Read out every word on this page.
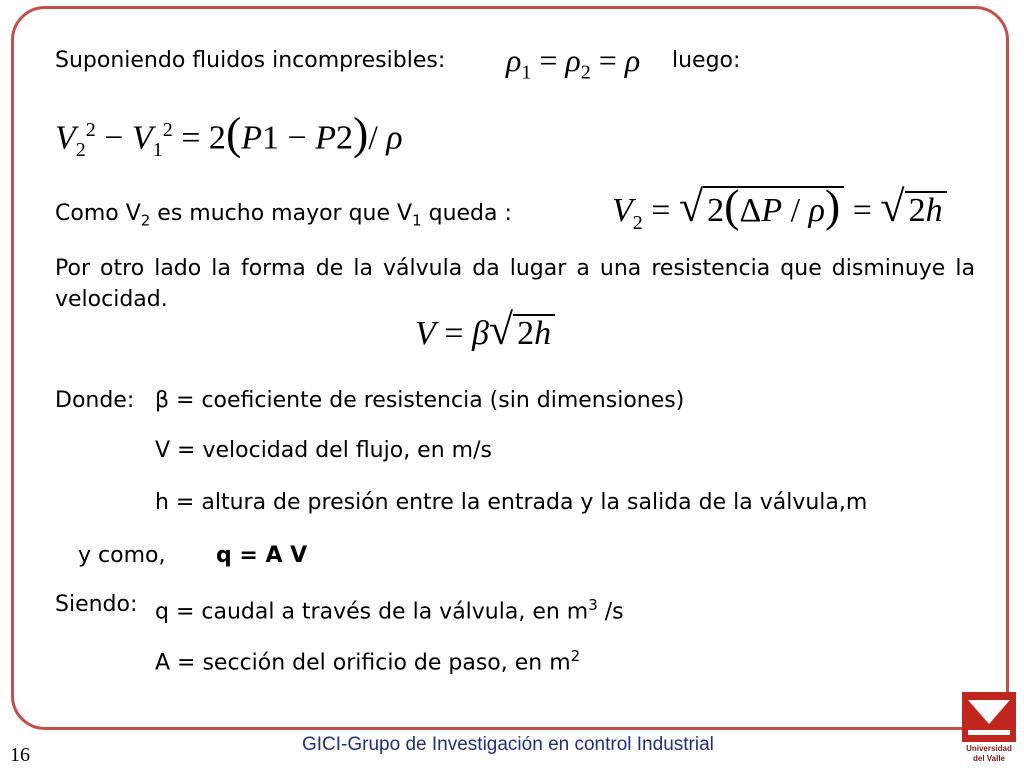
Suponiendo fluidos incompresibles: $\rho_1 = \rho_2 = \rho$ luego:
$V_2^2 - V_1^2 = 2(P1 - P2)/$ ρ
Como $V_2$ es mucho mayor que $V_1$ queda :	$V_2$ = √ 2(ΔP / ρ) = √ 2h
Por otro lado la forma de la válvula da lugar a una resistencia que disminuye la velocidad.
V = β√ 2h
Donde: β = coeficiente de resistencia (sin dimensiones)
V = velocidad del flujo, en m/s
h = altura de presión entre la entrada y la salida de la válvula,m
y como, q = A V
Siendo: q = caudal a través de la válvula, en $m^3$ /s
A = sección del orificio de paso, en $m^2$
GICI-Grupo de Investigación en control Industrial
16	Universidad
del Valle
